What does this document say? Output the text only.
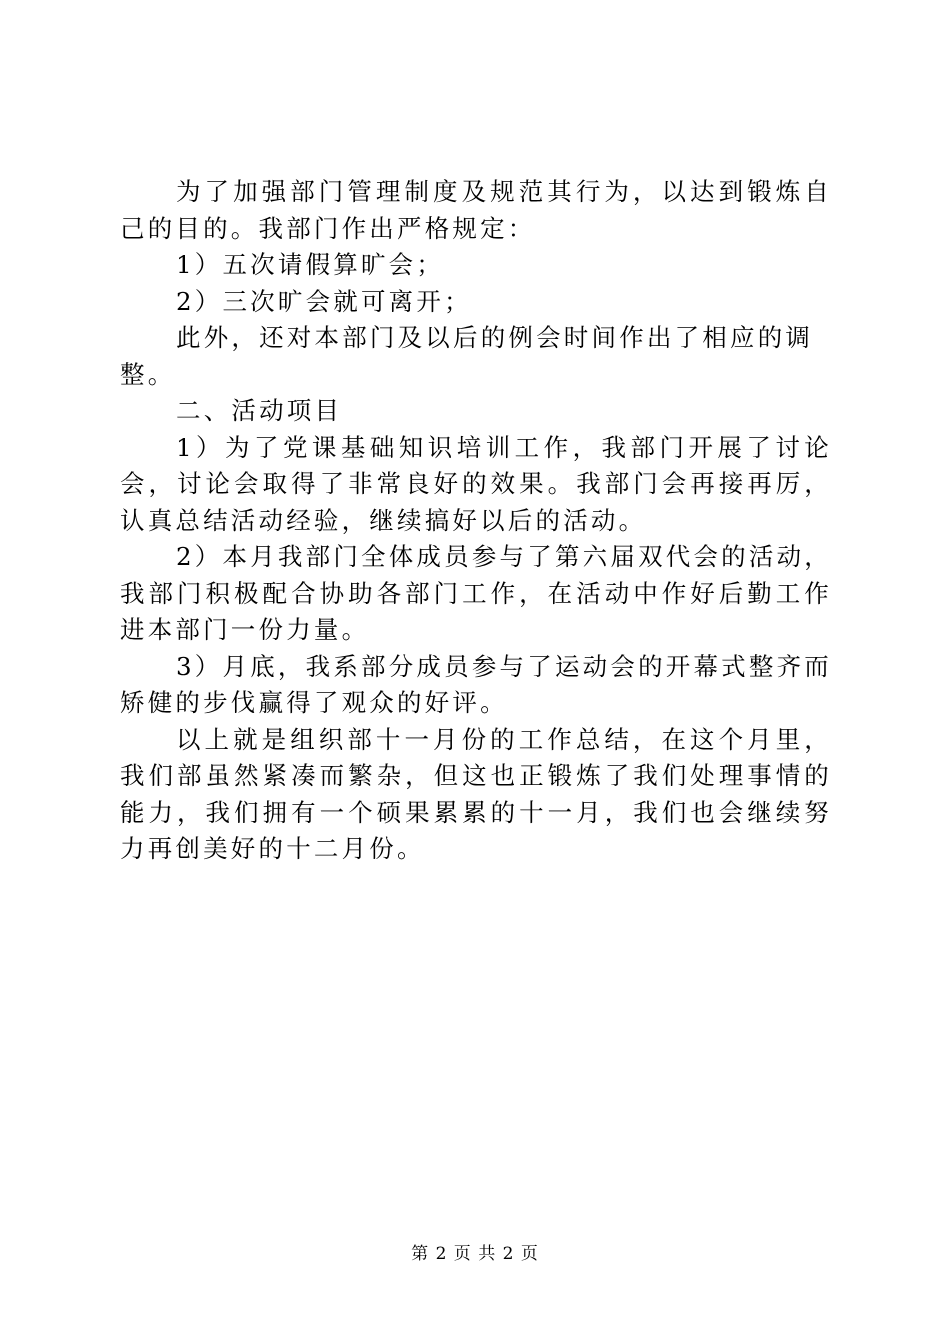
为了加强部门管理制度及规范其行为，以达到锻炼自己的目的。我部门作出严格规定：

1）五次请假算旷会；

2）三次旷会就可离开；

此外，还对本部门及以后的例会时间作出了相应的调整。

二、活动项目

1）为了党课基础知识培训工作，我部门开展了讨论会，讨论会取得了非常良好的效果。我部门会再接再厉，认真总结活动经验，继续搞好以后的活动。

2）本月我部门全体成员参与了第六届双代会的活动，我部门积极配合协助各部门工作，在活动中作好后勤工作进本部门一份力量。

3）月底，我系部分成员参与了运动会的开幕式整齐而矫健的步伐赢得了观众的好评。

以上就是组织部十一月份的工作总结，在这个月里，我们部虽然紧凑而繁杂，但这也正锻炼了我们处理事情的能力，我们拥有一个硕果累累的十一月，我们也会继续努力再创美好的十二月份。

第 2 页 共 2 页
